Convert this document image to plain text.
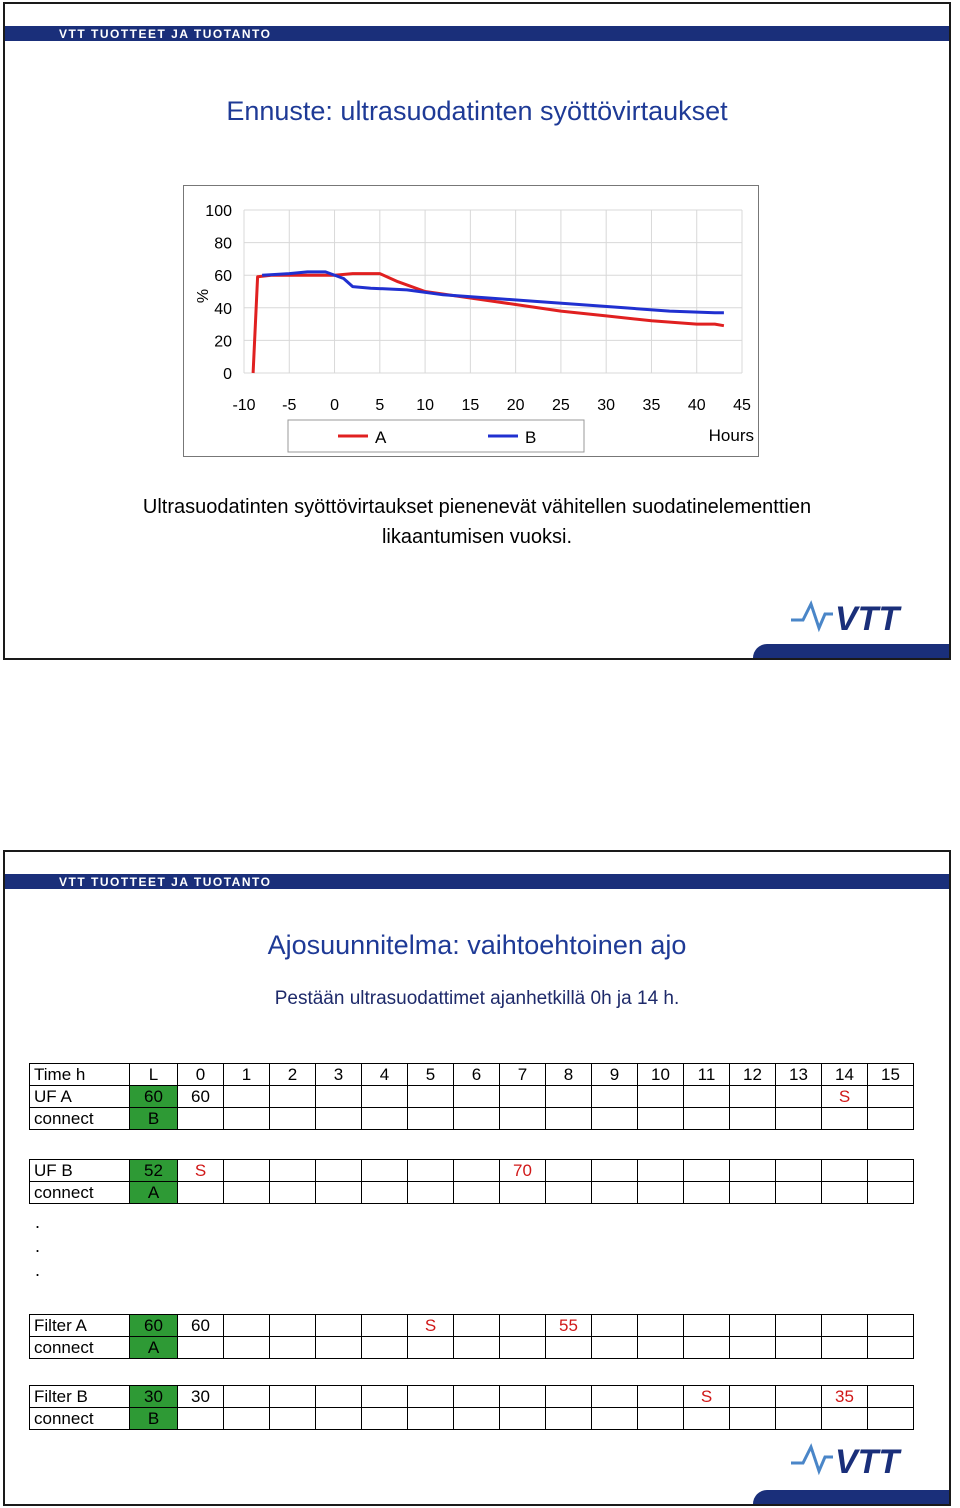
VTT TUOTTEET JA TUOTANTO
Ennuste: ultrasuodatinten syöttövirtaukset
100
80
60
40
20
0
-10 -5 0 5 10 15 20 25 30 35 40 45
%
A	B	Hours
Ultrasuodatinten syöttövirtaukset pienenevät vähitellen suodatinelementtien
likaantumisen vuoksi.
VTT
VTT TUOTTEET JA TUOTANTO
Ajosuunnitelma: vaihtoehtoinen ajo
Pestään ultrasuodattimet ajanhetkillä 0h ja 14 h.
Time h	L	0	1	2	3	4	5	6	7	8	9	10	11	12	13	14	15
UF A	60	60														S	
connect	B																
UF B	52	S							70								
connect	A																
.
.
.
Filter A	60	60					S			55							
connect	A																
Filter B	30	30											S			35	
connect	B																
VTT
